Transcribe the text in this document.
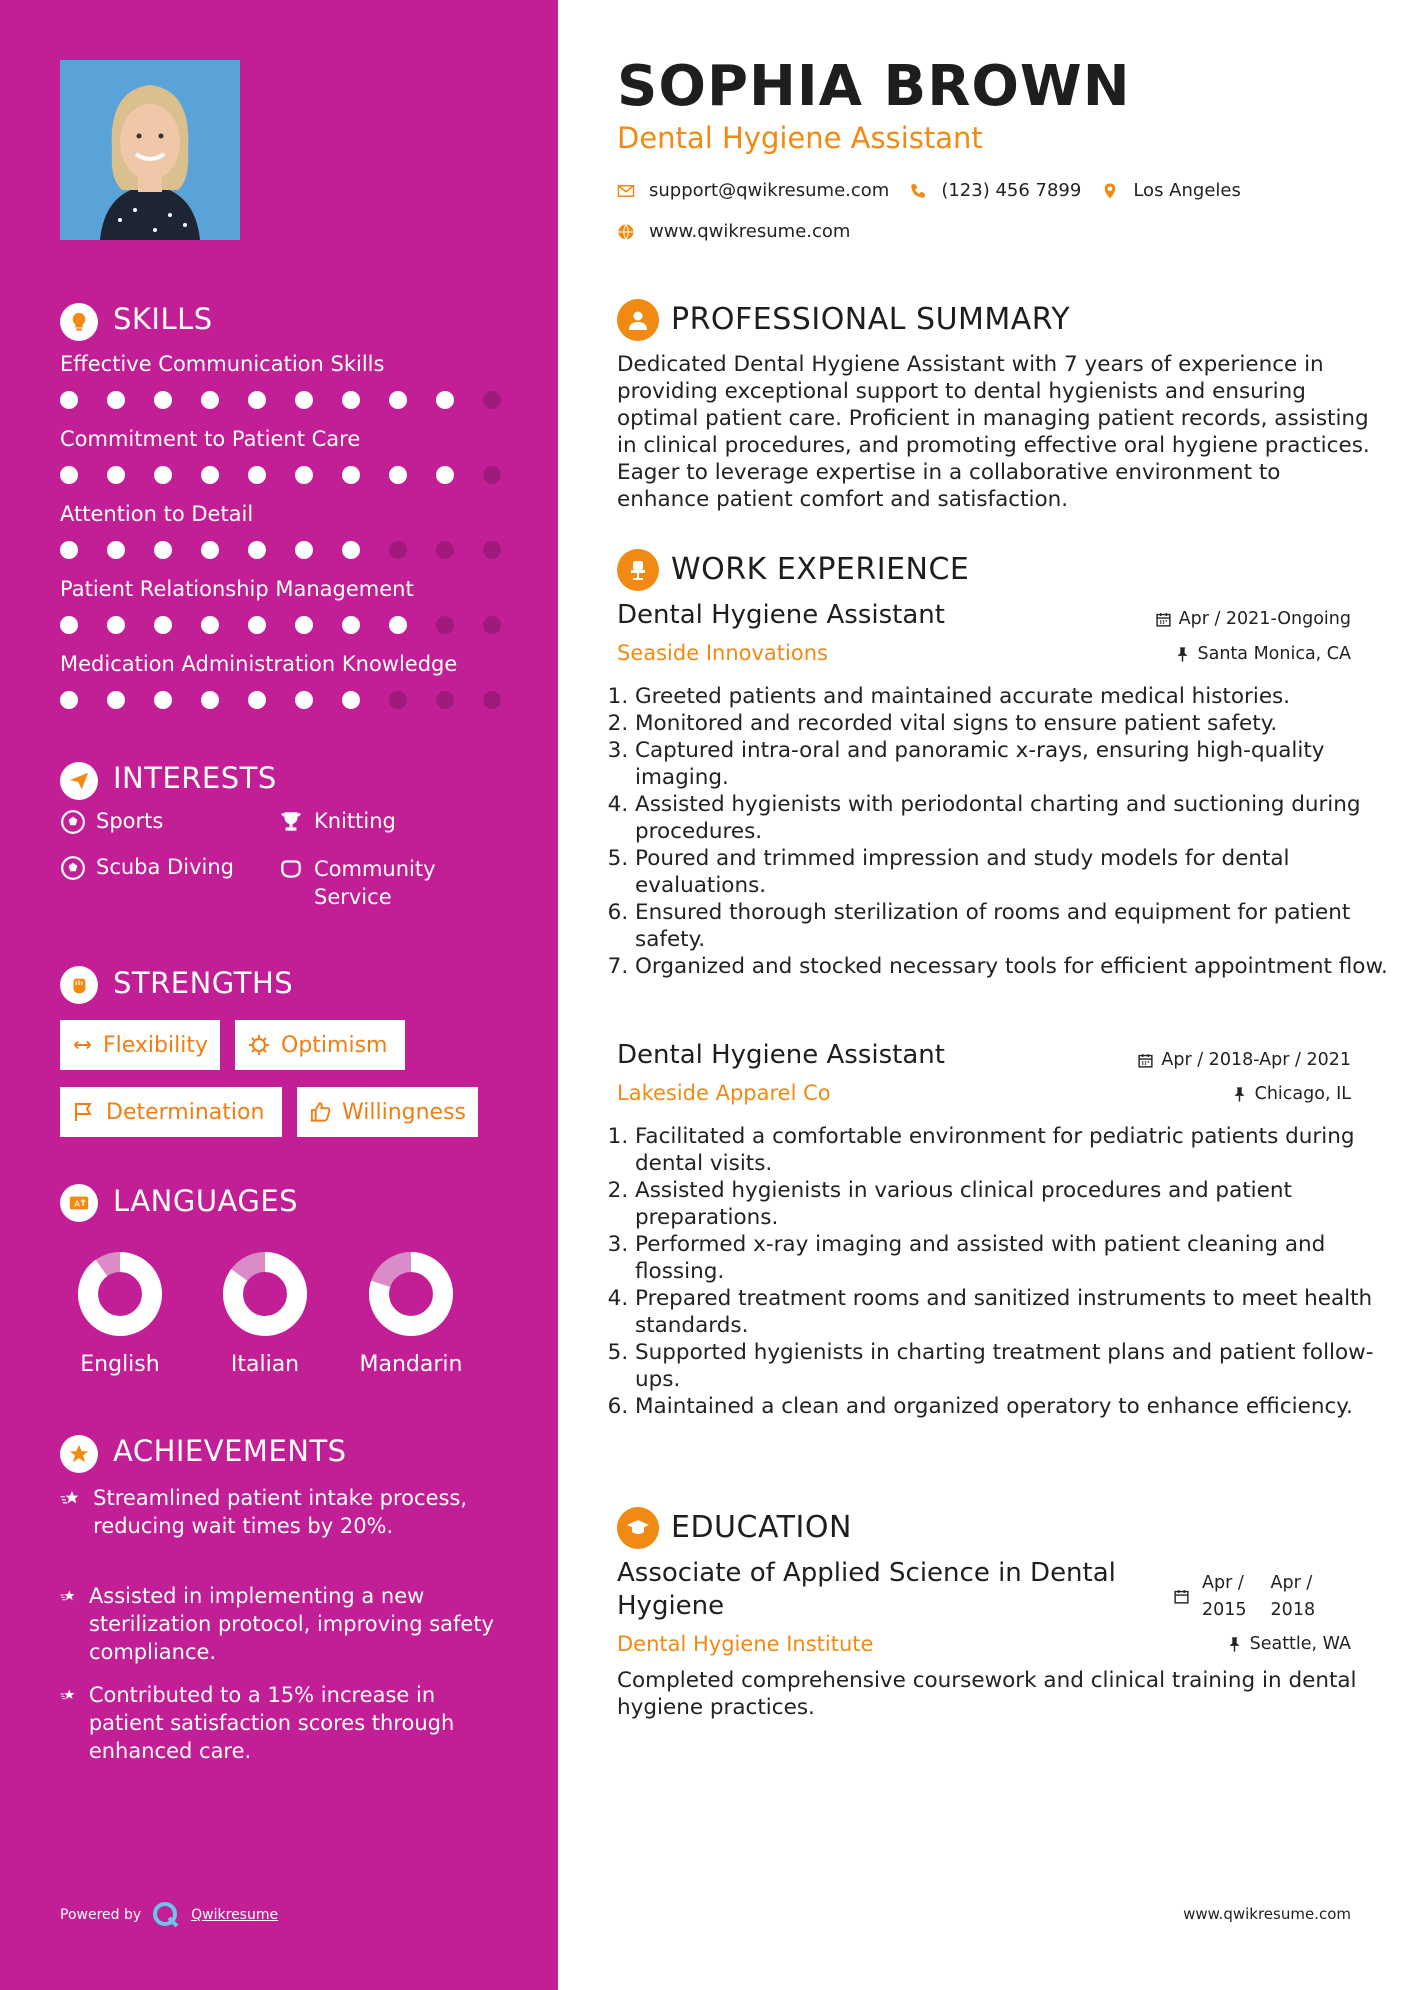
SKILLS
Effective Communication Skills
Commitment to Patient Care
Attention to Detail
Patient Relationship Management
Medication Administration Knowledge
INTERESTS
Sports	Knitting
Scuba Diving	Community Service
STRENGTHS
Flexibility	Optimism
Determination	Willingness
A LANGUAGES
English	Italian	Mandarin
ACHIEVEMENTS
Streamlined patient intake process, reducing wait times by 20%.
Assisted in implementing a new sterilization protocol, improving safety compliance.
Contributed to a 15% increase in patient satisfaction scores through enhanced care.
Powered by	Qwikresume
SOPHIA BROWN
Dental Hygiene Assistant
support@qwikresume.com	(123) 456 7899	Los Angeles
www.qwikresume.com
PROFESSIONAL SUMMARY
Dedicated Dental Hygiene Assistant with 7 years of experience in providing exceptional support to dental hygienists and ensuring optimal patient care. Proficient in managing patient records, assisting in clinical procedures, and promoting effective oral hygiene practices. Eager to leverage expertise in a collaborative environment to enhance patient comfort and satisfaction.
WORK EXPERIENCE
Dental Hygiene Assistant
Seaside Innovations
Apr / 2021-Ongoing
Santa Monica, CA
1. Greeted patients and maintained accurate medical histories.
2. Monitored and recorded vital signs to ensure patient safety.
3. Captured intra-oral and panoramic x-rays, ensuring high-quality imaging.
4. Assisted hygienists with periodontal charting and suctioning during procedures.
5. Poured and trimmed impression and study models for dental evaluations.
6. Ensured thorough sterilization of rooms and equipment for patient safety.
7. Organized and stocked necessary tools for efficient appointment flow.
Dental Hygiene Assistant
Lakeside Apparel Co
Apr / 2018-Apr / 2021
Chicago, IL
1. Facilitated a comfortable environment for pediatric patients during dental visits.
2. Assisted hygienists in various clinical procedures and patient preparations.
3. Performed x-ray imaging and assisted with patient cleaning and flossing.
4. Prepared treatment rooms and sanitized instruments to meet health standards.
5. Supported hygienists in charting treatment plans and patient follow-ups.
6. Maintained a clean and organized operatory to enhance efficiency.
EDUCATION
Associate of Applied Science in Dental Hygiene
Dental Hygiene Institute
Apr /
2015
Apr /
2018
Seattle, WA
Completed comprehensive coursework and clinical training in dental hygiene practices.
www.qwikresume.com
